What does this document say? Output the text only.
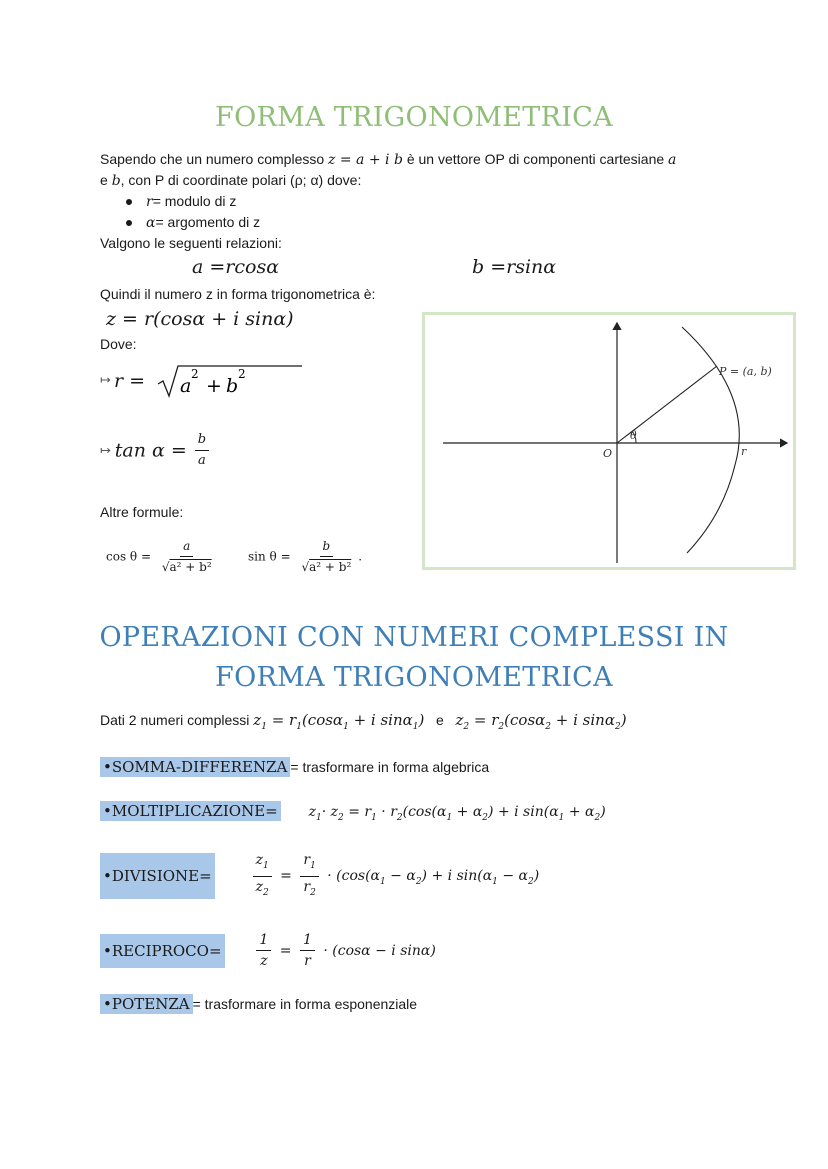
FORMA TRIGONOMETRICA
Sapendo che un numero complesso z = a + i b è un vettore OP di componenti cartesiane a
e b, con P di coordinate polari (ρ; α) dove:
r= modulo di z
α= argomento di z
Valgono le seguenti relazioni:
a =rcosα	b =rsinα
Quindi il numero z in forma trigonometrica è:
z = r(cosα + i sinα)
Dove:
↦ r = a
2
+ b
2
↦ $\tan \alpha = \frac{b}{a}$
Altre formule:
$\cos \theta = \frac{a}{\text{√a² + b²}}$	$\sin \theta = \frac{b}{\text{√a² + b²}}$ .
P = (a, b)
O
θ
r
OPERAZIONI CON NUMERI COMPLESSI IN
FORMA TRIGONOMETRICA
Dati 2 numeri complessi $z_1 = r_1(\cos\alpha_1 + i$ sinα$_1$) e $z_2 = r_2(\cos\alpha_2 + i$ sinα$_2$)
•SOMMA-DIFFERENZA = trasformare in forma algebrica
•MOLTIPLICAZIONE= $z_1\cdot z_2 = r_1 \cdot r_2(\cos(\alpha_1 + \alpha_2) + i$ $\sin(\alpha_1 + \alpha_2)$
•DIVISIONE=	$\frac{z_1}{z_2} = \frac{r_1}{r_2} \cdot (\cos(\alpha_1 - \alpha_2) + i$ $\sin(\alpha_1 - \alpha_2)$
•RECIPROCO= $\frac{1}{z} = \frac{1}{r} \cdot (\cos\alpha - i$ sinα)
•POTENZA = trasformare in forma esponenziale
